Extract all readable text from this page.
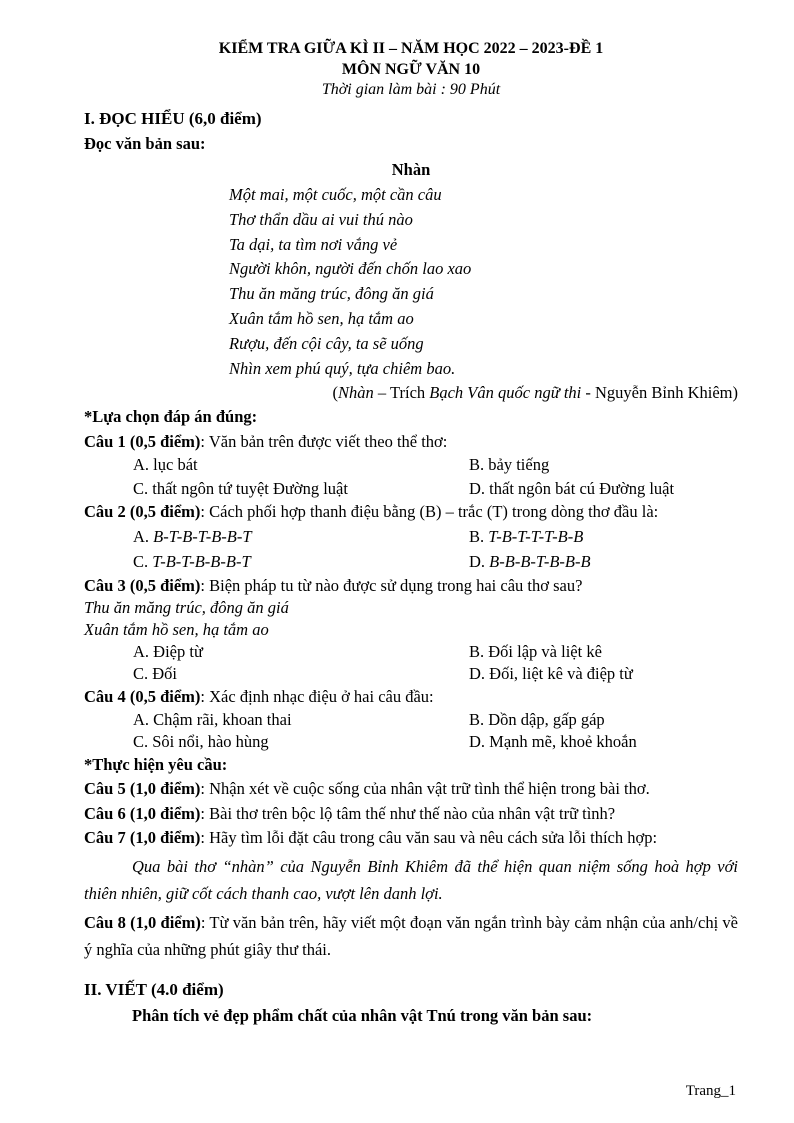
KIỂM TRA GIỮA KÌ II – NĂM HỌC 2022 – 2023-ĐỀ 1
MÔN NGỮ VĂN 10
Thời gian làm bài : 90 Phút
I. ĐỌC HIỂU (6,0 điểm)
Đọc văn bản sau:
Nhàn
Một mai, một cuốc, một cần câu
Thơ thẩn dầu ai vui thú nào
Ta dại, ta tìm nơi vắng vẻ
Người khôn, người đến chốn lao xao
Thu ăn măng trúc, đông ăn giá
Xuân tắm hồ sen, hạ tắm ao
Rượu, đến cội cây, ta sẽ uống
Nhìn xem phú quý, tựa chiêm bao.
(Nhàn – Trích Bạch Vân quốc ngữ thi - Nguyễn Bỉnh Khiêm)
*Lựa chọn đáp án đúng:
Câu 1 (0,5 điểm): Văn bản trên được viết theo thể thơ:
A. lục bát	B. bảy tiếng
C. thất ngôn tứ tuyệt Đường luật	D. thất ngôn bát cú Đường luật
Câu 2 (0,5 điểm): Cách phối hợp thanh điệu bằng (B) – trắc (T) trong dòng thơ đầu là:
A. B-T-B-T-B-B-T	B. T-B-T-T-T-B-B
C. T-B-T-B-B-B-T	D. B-B-B-T-B-B-B
Câu 3 (0,5 điểm): Biện pháp tu từ nào được sử dụng trong hai câu thơ sau?
Thu ăn măng trúc, đông ăn giá
Xuân tắm hồ sen, hạ tắm ao
A. Điệp từ	B. Đối lập và liệt kê
C. Đối	D. Đối, liệt kê và điệp từ
Câu 4 (0,5 điểm): Xác định nhạc điệu ở hai câu đầu:
A. Chậm rãi, khoan thai	B. Dồn dập, gấp gáp
C. Sôi nổi, hào hùng	D. Mạnh mẽ, khoẻ khoắn
*Thực hiện yêu cầu:
Câu 5 (1,0 điểm): Nhận xét về cuộc sống của nhân vật trữ tình thể hiện trong bài thơ.
Câu 6 (1,0 điểm): Bài thơ trên bộc lộ tâm thế như thế nào của nhân vật trữ tình?
Câu 7 (1,0 điểm): Hãy tìm lỗi đặt câu trong câu văn sau và nêu cách sửa lỗi thích hợp:
Qua bài thơ “nhàn” của Nguyễn Bỉnh Khiêm đã thể hiện quan niệm sống hoà hợp với thiên nhiên, giữ cốt cách thanh cao, vượt lên danh lợi.
Câu 8 (1,0 điểm): Từ văn bản trên, hãy viết một đoạn văn ngắn trình bày cảm nhận của anh/chị về ý nghĩa của những phút giây thư thái.
II. VIẾT (4.0 điểm)
Phân tích vẻ đẹp phẩm chất của nhân vật Tnú trong văn bản sau:
Trang_1
